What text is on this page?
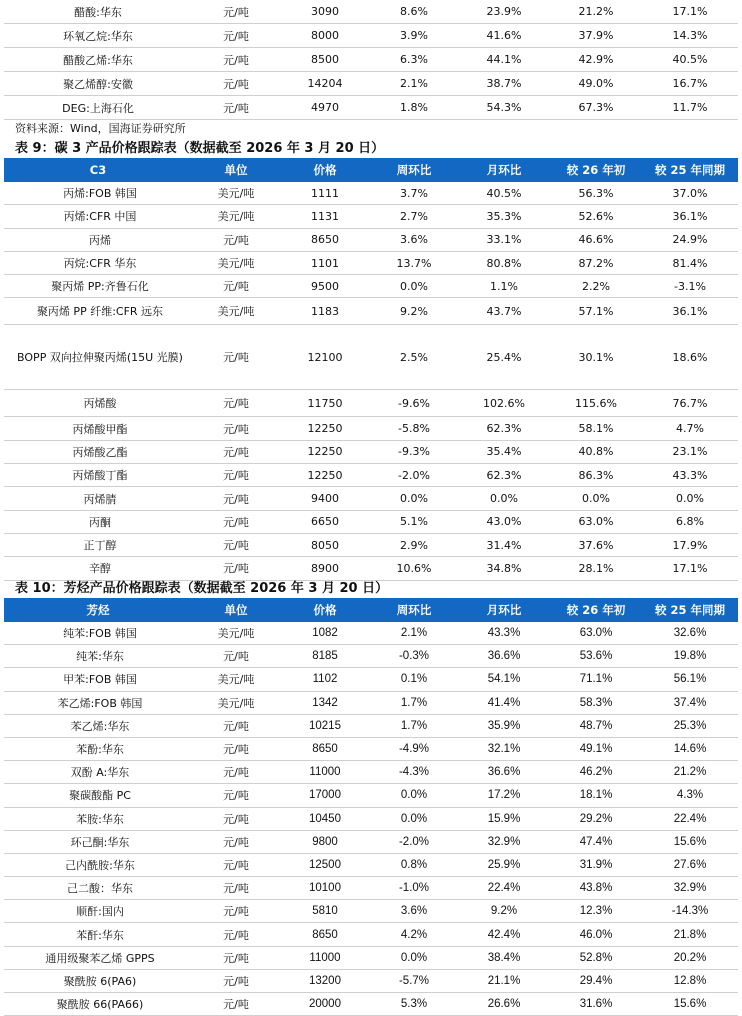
醋酸:华东	元/吨	3090	8.6%	23.9%	21.2%	17.1%
环氧乙烷:华东	元/吨	8000	3.9%	41.6%	37.9%	14.3%
醋酸乙烯:华东	元/吨	8500	6.3%	44.1%	42.9%	40.5%
聚乙烯醇:安徽	元/吨	14204	2.1%	38.7%	49.0%	16.7%
DEG:上海石化	元/吨	4970	1.8%	54.3%	67.3%	11.7%
资料来源：Wind，国海证券研究所
表 9：碳 3 产品价格跟踪表（数据截至 2026 年 3 月 20 日）
C3	单位	价格	周环比	月环比	较 26 年初	较 25 年同期
丙烯:FOB 韩国	美元/吨	1111	3.7%	40.5%	56.3%	37.0%
丙烯:CFR 中国	美元/吨	1131	2.7%	35.3%	52.6%	36.1%
丙烯	元/吨	8650	3.6%	33.1%	46.6%	24.9%
丙烷:CFR 华东	美元/吨	1101	13.7%	80.8%	87.2%	81.4%
聚丙烯 PP:齐鲁石化	元/吨	9500	0.0%	1.1%	2.2%	-3.1%
聚丙烯 PP 纤维:CFR 远东	美元/吨	1183	9.2%	43.7%	57.1%	36.1%
BOPP 双向拉伸聚丙烯(15U 光膜)	元/吨	12100	2.5%	25.4%	30.1%	18.6%
丙烯酸	元/吨	11750	-9.6%	102.6%	115.6%	76.7%
丙烯酸甲酯	元/吨	12250	-5.8%	62.3%	58.1%	4.7%
丙烯酸乙酯	元/吨	12250	-9.3%	35.4%	40.8%	23.1%
丙烯酸丁酯	元/吨	12250	-2.0%	62.3%	86.3%	43.3%
丙烯腈	元/吨	9400	0.0%	0.0%	0.0%	0.0%
丙酮	元/吨	6650	5.1%	43.0%	63.0%	6.8%
正丁醇	元/吨	8050	2.9%	31.4%	37.6%	17.9%
辛醇	元/吨	8900	10.6%	34.8%	28.1%	17.1%
表 10：芳烃产品价格跟踪表（数据截至 2026 年 3 月 20 日）
芳烃	单位	价格	周环比	月环比	较 26 年初	较 25 年同期
纯苯:FOB 韩国	美元/吨	1082	2.1%	43.3%	63.0%	32.6%
纯苯:华东	元/吨	8185	-0.3%	36.6%	53.6%	19.8%
甲苯:FOB 韩国	美元/吨	1102	0.1%	54.1%	71.1%	56.1%
苯乙烯:FOB 韩国	美元/吨	1342	1.7%	41.4%	58.3%	37.4%
苯乙烯:华东	元/吨	10215	1.7%	35.9%	48.7%	25.3%
苯酚:华东	元/吨	8650	-4.9%	32.1%	49.1%	14.6%
双酚 A:华东	元/吨	11000	-4.3%	36.6%	46.2%	21.2%
聚碳酸酯 PC	元/吨	17000	0.0%	17.2%	18.1%	4.3%
苯胺:华东	元/吨	10450	0.0%	15.9%	29.2%	22.4%
环己酮:华东	元/吨	9800	-2.0%	32.9%	47.4%	15.6%
己内酰胺:华东	元/吨	12500	0.8%	25.9%	31.9%	27.6%
己二酸：华东	元/吨	10100	-1.0%	22.4%	43.8%	32.9%
顺酐:国内	元/吨	5810	3.6%	9.2%	12.3%	-14.3%
苯酐:华东	元/吨	8650	4.2%	42.4%	46.0%	21.8%
通用级聚苯乙烯 GPPS	元/吨	11000	0.0%	38.4%	52.8%	20.2%
聚酰胺 6(PA6)	元/吨	13200	-5.7%	21.1%	29.4%	12.8%
聚酰胺 66(PA66)	元/吨	20000	5.3%	26.6%	31.6%	15.6%
